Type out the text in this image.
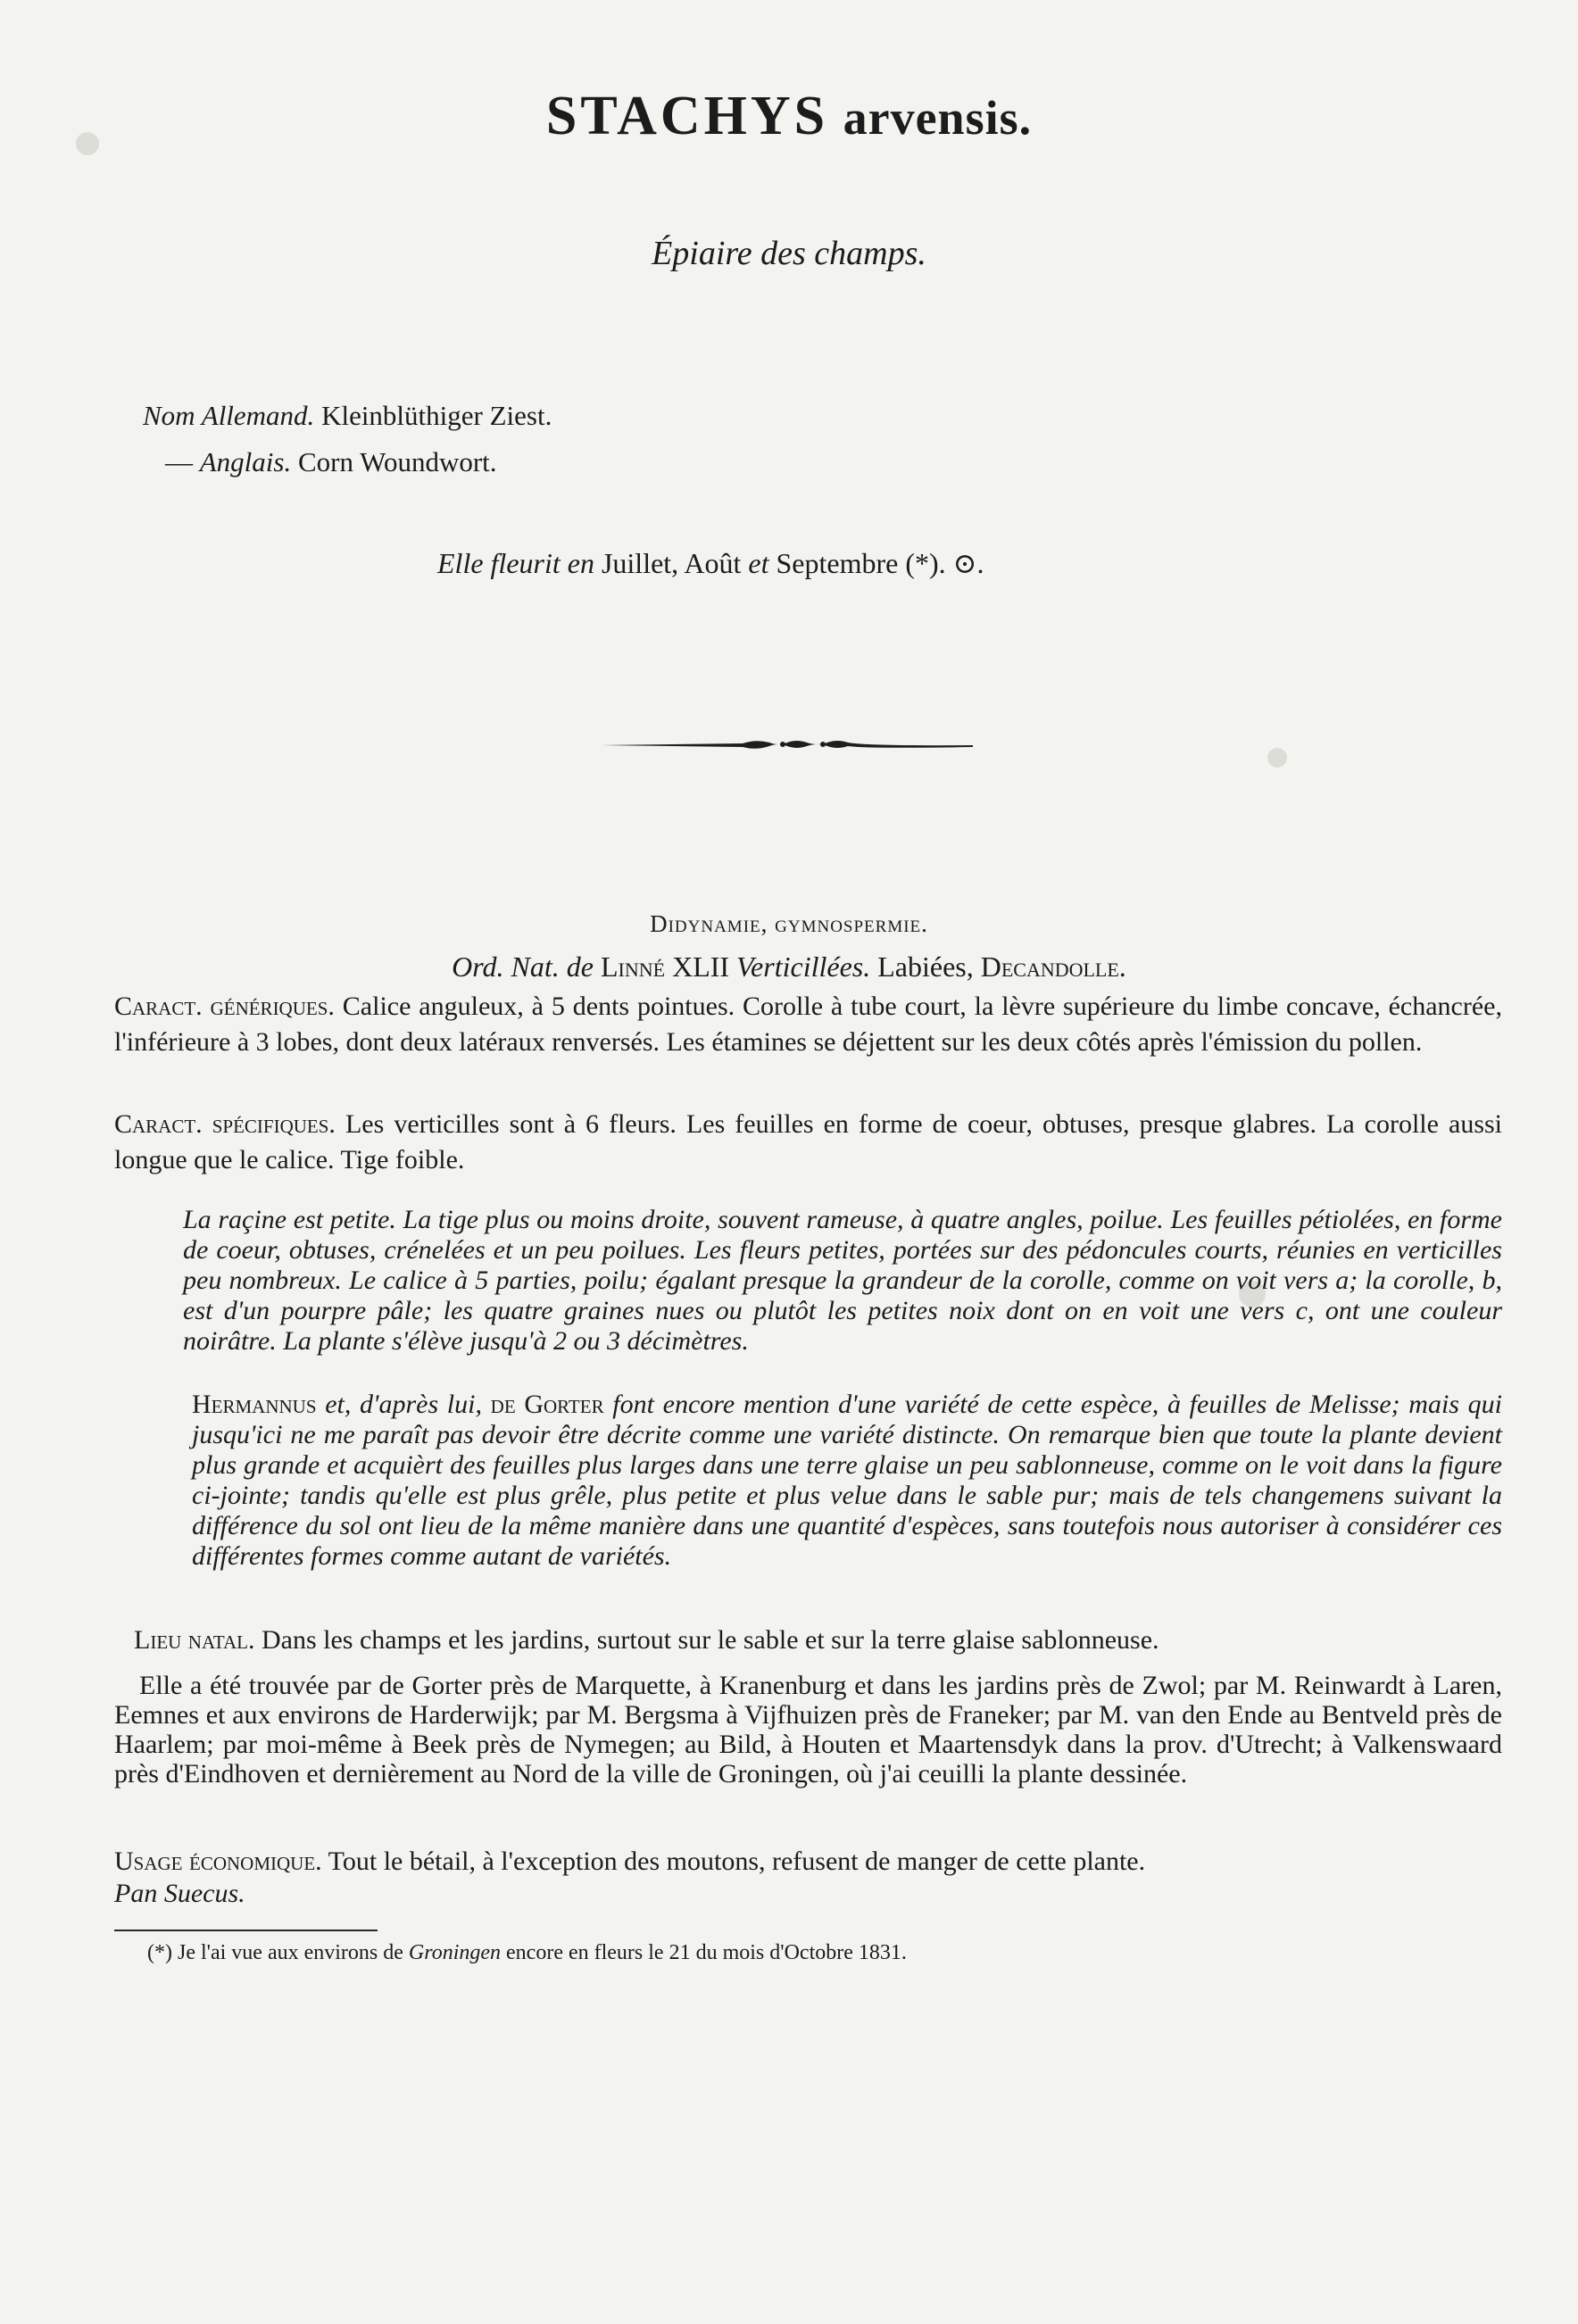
STACHYS arvensis.
Épiaire des champs.
Nom Allemand. Kleinblüthiger Ziest.
— Anglais. Corn Woundwort.
Elle fleurit en Juillet, Août et Septembre (*). ⊙.
Didynamie, gymnospermie.
Ord. Nat. de Linné XLII Verticillées. Labiées, Decandolle.

Caract. génériques. Calice anguleux, à 5 dents pointues. Corolle à tube court, la lèvre supérieure du limbe concave, échancrée, l'inférieure à 3 lobes, dont deux latéraux renversés. Les étamines se déjettent sur les deux côtés après l'émission du pollen.

Caract. spécifiques. Les verticilles sont à 6 fleurs. Les feuilles en forme de coeur, obtuses, presque glabres. La corolle aussi longue que le calice. Tige foible.

La raçine est petite. La tige plus ou moins droite, souvent rameuse, à quatre angles, poilue. Les feuilles pétiolées, en forme de coeur, obtuses, crénelées et un peu poilues. Les fleurs petites, portées sur des pédoncules courts, réunies en verticilles peu nombreux. Le calice à 5 parties, poilu; égalant presque la grandeur de la corolle, comme on voit vers a; la corolle, b, est d'un pourpre pâle; les quatre graines nues ou plutôt les petites noix dont on en voit une vers c, ont une couleur noirâtre. La plante s'élève jusqu'à 2 ou 3 décimètres.

Hermannus et, d'après lui, de Gorter font encore mention d'une variété de cette espèce, à feuilles de Melisse; mais qui jusqu'ici ne me paraît pas devoir être décrite comme une variété distincte. On remarque bien que toute la plante devient plus grande et acquièrt des feuilles plus larges dans une terre glaise un peu sablonneuse, comme on le voit dans la figure ci-jointe; tandis qu'elle est plus grêle, plus petite et plus velue dans le sable pur; mais de tels changemens suivant la différence du sol ont lieu de la même manière dans une quantité d'espèces, sans toutefois nous autoriser à considérer ces différentes formes comme autant de variétés.

Lieu natal. Dans les champs et les jardins, surtout sur le sable et sur la terre glaise sablonneuse.

Elle a été trouvée par de Gorter près de Marquette, à Kranenburg et dans les jardins près de Zwol; par M. Reinwardt à Laren, Eemnes et aux environs de Harderwijk; par M. Bergsma à Vijfhuizen près de Franeker; par M. van den Ende au Bentveld près de Haarlem; par moi-même à Beek près de Nymegen; au Bild, à Houten et Maartensdyk dans la prov. d'Utrecht; à Valkenswaard près d'Eindhoven et dernièrement au Nord de la ville de Groningen, où j'ai ceuilli la plante dessinée.

Usage économique. Tout le bétail, à l'exception des moutons, refusent de manger de cette plante.
Pan Suecus.

(*) Je l'ai vue aux environs de Groningen encore en fleurs le 21 du mois d'Octobre 1831.
